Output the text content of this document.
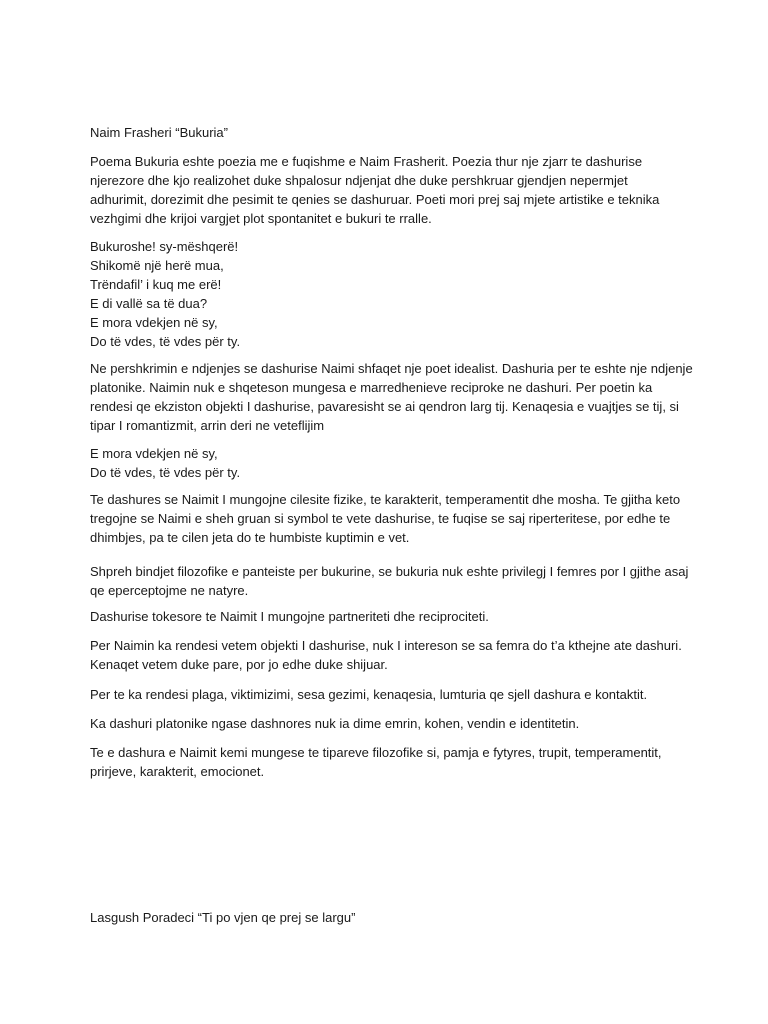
Naim Frasheri “Bukuria”
Poema Bukuria eshte poezia me e fuqishme e Naim Frasherit. Poezia thur nje zjarr te dashurise
njerezore dhe kjo realizohet duke shpalosur ndjenjat dhe duke pershkruar gjendjen nepermjet
adhurimit, dorezimit dhe pesimit te qenies se dashuruar. Poeti mori prej saj mjete artistike e teknika
vezhgimi dhe krijoi vargjet plot spontanitet e bukuri te rralle.
Bukuroshe! sy-mëshqerë!
Shikomë një herë mua,
Trëndafil’ i kuq me erë!
E di vallë sa të dua?
E mora vdekjen në sy,
Do të vdes, të vdes për ty.
Ne pershkrimin e ndjenjes se dashurise Naimi shfaqet nje poet idealist. Dashuria per te eshte nje ndjenje
platonike. Naimin nuk e shqeteson mungesa e marredhenieve reciproke ne dashuri. Per poetin ka
rendesi qe ekziston objekti I dashurise, pavaresisht se ai qendron larg tij. Kenaqesia e vuajtjes se tij, si
tipar I romantizmit, arrin deri ne veteflijim
E mora vdekjen në sy,
Do të vdes, të vdes për ty.
Te dashures se Naimit I mungojne cilesite fizike, te karakterit, temperamentit dhe mosha. Te gjitha keto
tregojne se Naimi e sheh gruan si symbol te vete dashurise, te fuqise se saj riperteritese, por edhe te
dhimbjes, pa te cilen jeta do te humbiste kuptimin e vet.
Shpreh bindjet filozofike e panteiste per bukurine, se bukuria nuk eshte privilegj I femres por I gjithe asaj
qe eperceptojme ne natyre.
Dashurise tokesore te Naimit I mungojne partneriteti dhe reciprociteti.
Per Naimin ka rendesi vetem objekti I dashurise, nuk I intereson se sa femra do t’a kthejne ate dashuri.
Kenaqet vetem duke pare, por jo edhe duke shijuar.
Per te ka rendesi plaga, viktimizimi, sesa gezimi, kenaqesia, lumturia qe sjell dashura e kontaktit.
Ka dashuri platonike ngase dashnores nuk ia dime emrin, kohen, vendin e identitetin.
Te e dashura e Naimit kemi mungese te tipareve filozofike si, pamja e fytyres, trupit, temperamentit,
prirjeve, karakterit, emocionet.
Lasgush Poradeci “Ti po vjen qe prej se largu”
